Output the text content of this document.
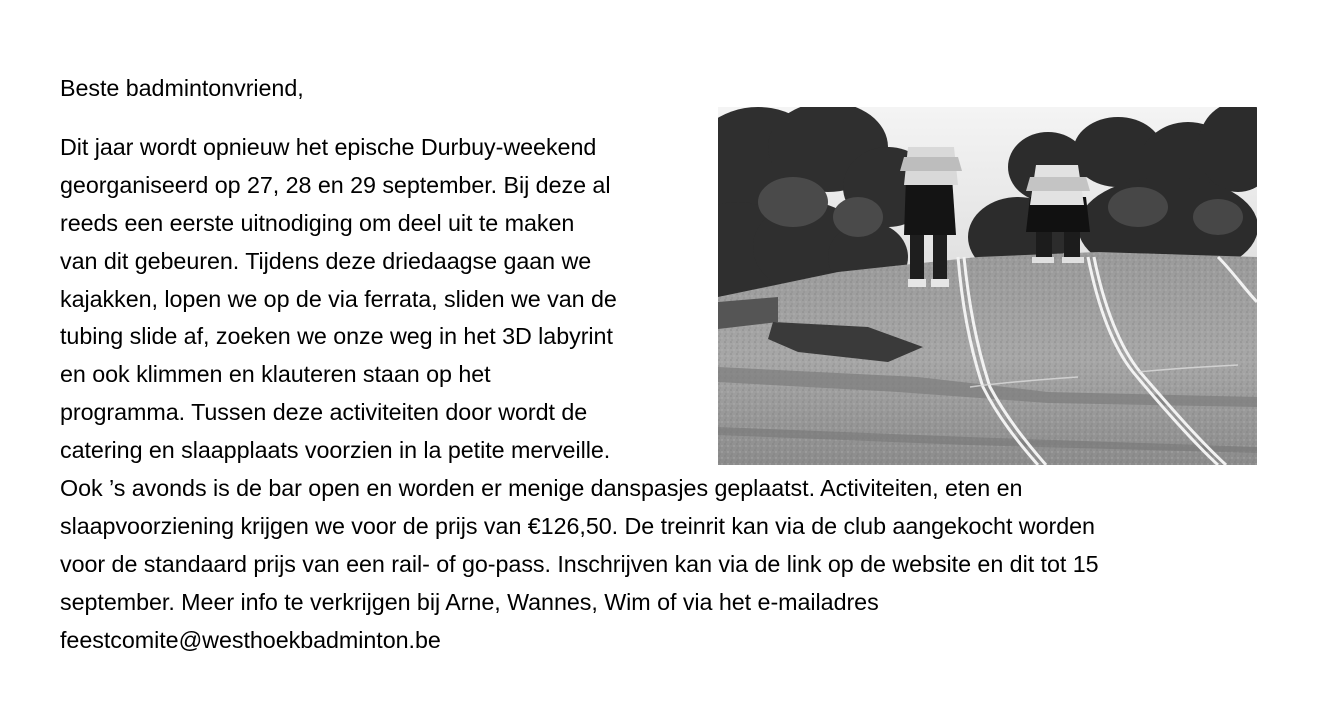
Beste badmintonvriend,
Dit jaar wordt opnieuw het epische Durbuy-weekend
georganiseerd op 27, 28 en 29 september. Bij deze al
reeds een eerste uitnodiging om deel uit te maken
van dit gebeuren. Tijdens deze driedaagse gaan we
kajakken, lopen we op de via ferrata, sliden we van de
tubing slide af, zoeken we onze weg in het 3D labyrint
en ook klimmen en klauteren staan op het
programma. Tussen deze activiteiten door wordt de
catering en slaapplaats voorzien in la petite merveille.
Ook ’s avonds is de bar open en worden er menige danspasjes geplaatst. Activiteiten, eten en
slaapvoorziening krijgen we voor de prijs van €126,50. De treinrit kan via de club aangekocht worden
voor de standaard prijs van een rail- of go-pass. Inschrijven kan via de link op de website en dit tot 15
september. Meer info te verkrijgen bij Arne, Wannes, Wim of via het e-mailadres
feestcomite@westhoekbadminton.be
